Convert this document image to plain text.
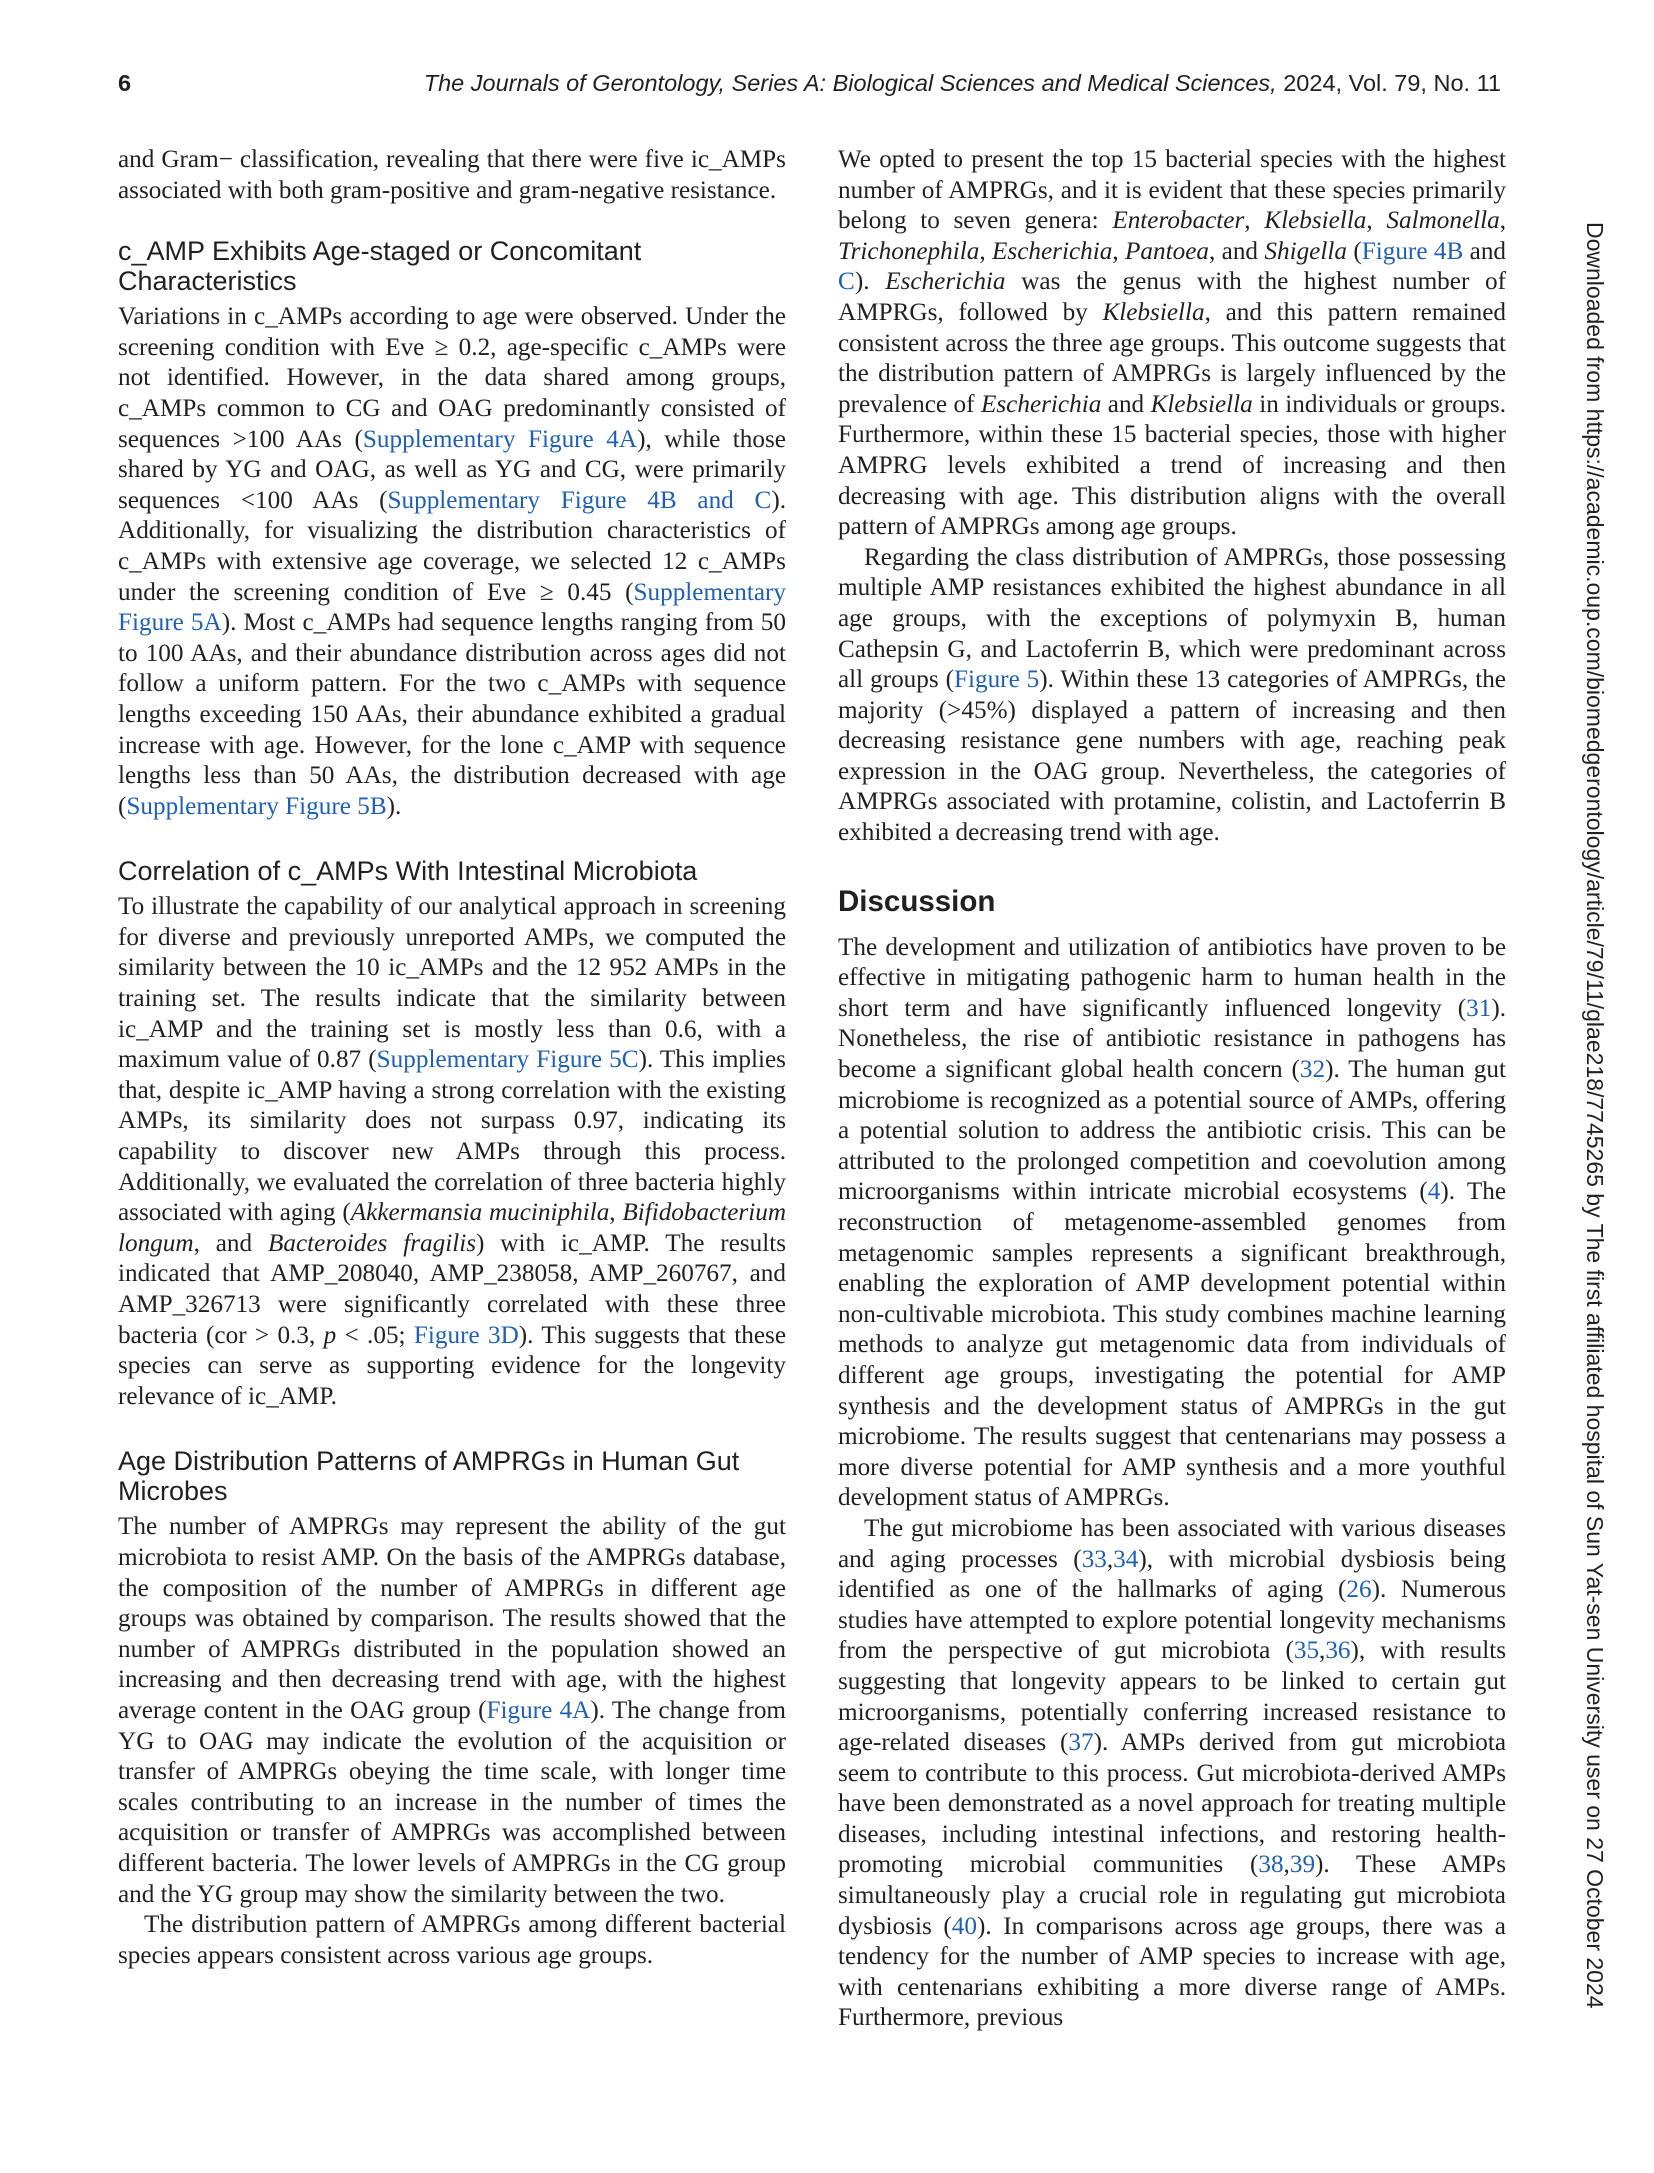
6	The Journals of Gerontology, Series A: Biological Sciences and Medical Sciences, 2024, Vol. 79, No. 11

and Gram− classification, revealing that there were five ic_AMPs associated with both gram-positive and gram-negative resistance.

c_AMP Exhibits Age-staged or Concomitant Characteristics

Variations in c_AMPs according to age were observed. Under the screening condition with Eve ≥ 0.2, age-specific c_AMPs were not identified. However, in the data shared among groups, c_AMPs common to CG and OAG predominantly consisted of sequences >100 AAs (Supplementary Figure 4A), while those shared by YG and OAG, as well as YG and CG, were primarily sequences <100 AAs (Supplementary Figure 4B and C). Additionally, for visualizing the distribution characteristics of c_AMPs with extensive age coverage, we selected 12 c_AMPs under the screening condition of Eve ≥ 0.45 (Supplementary Figure 5A). Most c_AMPs had sequence lengths ranging from 50 to 100 AAs, and their abundance distribution across ages did not follow a uniform pattern. For the two c_AMPs with sequence lengths exceeding 150 AAs, their abundance exhibited a gradual increase with age. However, for the lone c_AMP with sequence lengths less than 50 AAs, the distribution decreased with age (Supplementary Figure 5B).

Correlation of c_AMPs With Intestinal Microbiota

To illustrate the capability of our analytical approach in screening for diverse and previously unreported AMPs, we computed the similarity between the 10 ic_AMPs and the 12 952 AMPs in the training set. The results indicate that the similarity between ic_AMP and the training set is mostly less than 0.6, with a maximum value of 0.87 (Supplementary Figure 5C). This implies that, despite ic_AMP having a strong correlation with the existing AMPs, its similarity does not surpass 0.97, indicating its capability to discover new AMPs through this process. Additionally, we evaluated the correlation of three bacteria highly associated with aging (Akkermansia muciniphila, Bifidobacterium longum, and Bacteroides fragilis) with ic_AMP. The results indicated that AMP_208040, AMP_238058, AMP_260767, and AMP_326713 were significantly correlated with these three bacteria (cor > 0.3, p < .05; Figure 3D). This suggests that these species can serve as supporting evidence for the longevity relevance of ic_AMP.

Age Distribution Patterns of AMPRGs in Human Gut Microbes

The number of AMPRGs may represent the ability of the gut microbiota to resist AMP. On the basis of the AMPRGs database, the composition of the number of AMPRGs in different age groups was obtained by comparison. The results showed that the number of AMPRGs distributed in the population showed an increasing and then decreasing trend with age, with the highest average content in the OAG group (Figure 4A). The change from YG to OAG may indicate the evolution of the acquisition or transfer of AMPRGs obeying the time scale, with longer time scales contributing to an increase in the number of times the acquisition or transfer of AMPRGs was accomplished between different bacteria. The lower levels of AMPRGs in the CG group and the YG group may show the similarity between the two.

The distribution pattern of AMPRGs among different bacterial species appears consistent across various age groups.

We opted to present the top 15 bacterial species with the highest number of AMPRGs, and it is evident that these species primarily belong to seven genera: Enterobacter, Klebsiella, Salmonella, Trichonephila, Escherichia, Pantoea, and Shigella (Figure 4B and C). Escherichia was the genus with the highest number of AMPRGs, followed by Klebsiella, and this pattern remained consistent across the three age groups. This outcome suggests that the distribution pattern of AMPRGs is largely influenced by the prevalence of Escherichia and Klebsiella in individuals or groups. Furthermore, within these 15 bacterial species, those with higher AMPRG levels exhibited a trend of increasing and then decreasing with age. This distribution aligns with the overall pattern of AMPRGs among age groups.

Regarding the class distribution of AMPRGs, those possessing multiple AMP resistances exhibited the highest abundance in all age groups, with the exceptions of polymyxin B, human Cathepsin G, and Lactoferrin B, which were predominant across all groups (Figure 5). Within these 13 categories of AMPRGs, the majority (>45%) displayed a pattern of increasing and then decreasing resistance gene numbers with age, reaching peak expression in the OAG group. Nevertheless, the categories of AMPRGs associated with protamine, colistin, and Lactoferrin B exhibited a decreasing trend with age.

Discussion

The development and utilization of antibiotics have proven to be effective in mitigating pathogenic harm to human health in the short term and have significantly influenced longevity (31). Nonetheless, the rise of antibiotic resistance in pathogens has become a significant global health concern (32). The human gut microbiome is recognized as a potential source of AMPs, offering a potential solution to address the antibiotic crisis. This can be attributed to the prolonged competition and coevolution among microorganisms within intricate microbial ecosystems (4). The reconstruction of metagenome-assembled genomes from metagenomic samples represents a significant breakthrough, enabling the exploration of AMP development potential within non-cultivable microbiota. This study combines machine learning methods to analyze gut metagenomic data from individuals of different age groups, investigating the potential for AMP synthesis and the development status of AMPRGs in the gut microbiome. The results suggest that centenarians may possess a more diverse potential for AMP synthesis and a more youthful development status of AMPRGs.

The gut microbiome has been associated with various diseases and aging processes (33,34), with microbial dysbiosis being identified as one of the hallmarks of aging (26). Numerous studies have attempted to explore potential longevity mechanisms from the perspective of gut microbiota (35,36), with results suggesting that longevity appears to be linked to certain gut microorganisms, potentially conferring increased resistance to age-related diseases (37). AMPs derived from gut microbiota seem to contribute to this process. Gut microbiota-derived AMPs have been demonstrated as a novel approach for treating multiple diseases, including intestinal infections, and restoring health-promoting microbial communities (38,39). These AMPs simultaneously play a crucial role in regulating gut microbiota dysbiosis (40). In comparisons across age groups, there was a tendency for the number of AMP species to increase with age, with centenarians exhibiting a more diverse range of AMPs. Furthermore, previous

Downloaded from https://academic.oup.com/biomedgerontology/article/79/11/glae218/7745265 by The first affiliated hospital of Sun Yat-sen University user on 27 October 2024
